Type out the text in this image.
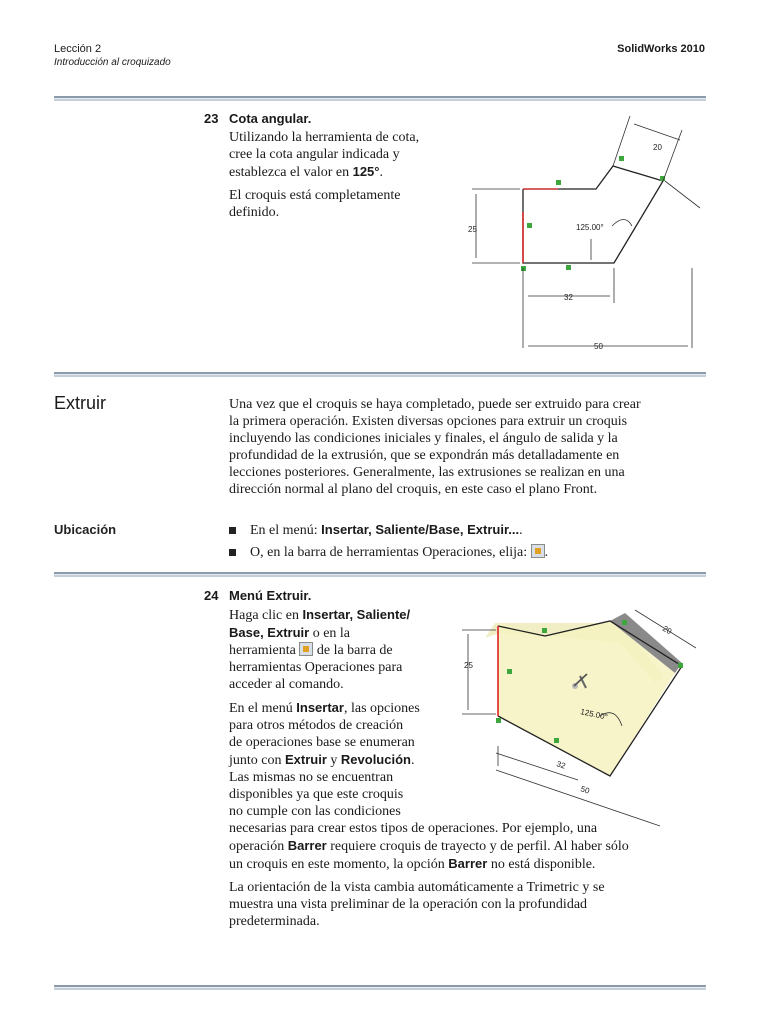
Lección 2
Introducción al croquizado
SolidWorks 2010
23 Cota angular.

Utilizando la herramienta de cota,

cree la cota angular indicada y

establezca el valor en 125°.

El croquis está completamente

definido.

20
25	125.00°
32
50
Extruir	Una vez que el croquis se haya completado, puede ser extruido para crear

la primera operación. Existen diversas opciones para extruir un croquis

incluyendo las condiciones iniciales y finales, el ángulo de salida y la

profundidad de la extrusión, que se expondrán más detalladamente en

lecciones posteriores. Generalmente, las extrusiones se realizan en una

dirección normal al plano del croquis, en este caso el plano Front.

Ubicación	En el menú: Insertar, Saliente/Base, Extruir....

O, en la barra de herramientas Operaciones, elija: .

24 Menú Extruir.

Haga clic en Insertar, Saliente/

Base, Extruir o en la

herramienta  de la barra de

herramientas Operaciones para

acceder al comando.

En el menú Insertar, las opciones

para otros métodos de creación

de operaciones base se enumeran

junto con Extruir y Revolución.

Las mismas no se encuentran

disponibles ya que este croquis

no cumple con las condiciones

necesarias para crear estos tipos de operaciones. Por ejemplo, una

operación Barrer requiere croquis de trayecto y de perfil. Al haber sólo

un croquis en este momento, la opción Barrer no está disponible.

La orientación de la vista cambia automáticamente a Trimetric y se

muestra una vista preliminar de la operación con la profundidad

predeterminada.

20
25
125.00°
32
50
